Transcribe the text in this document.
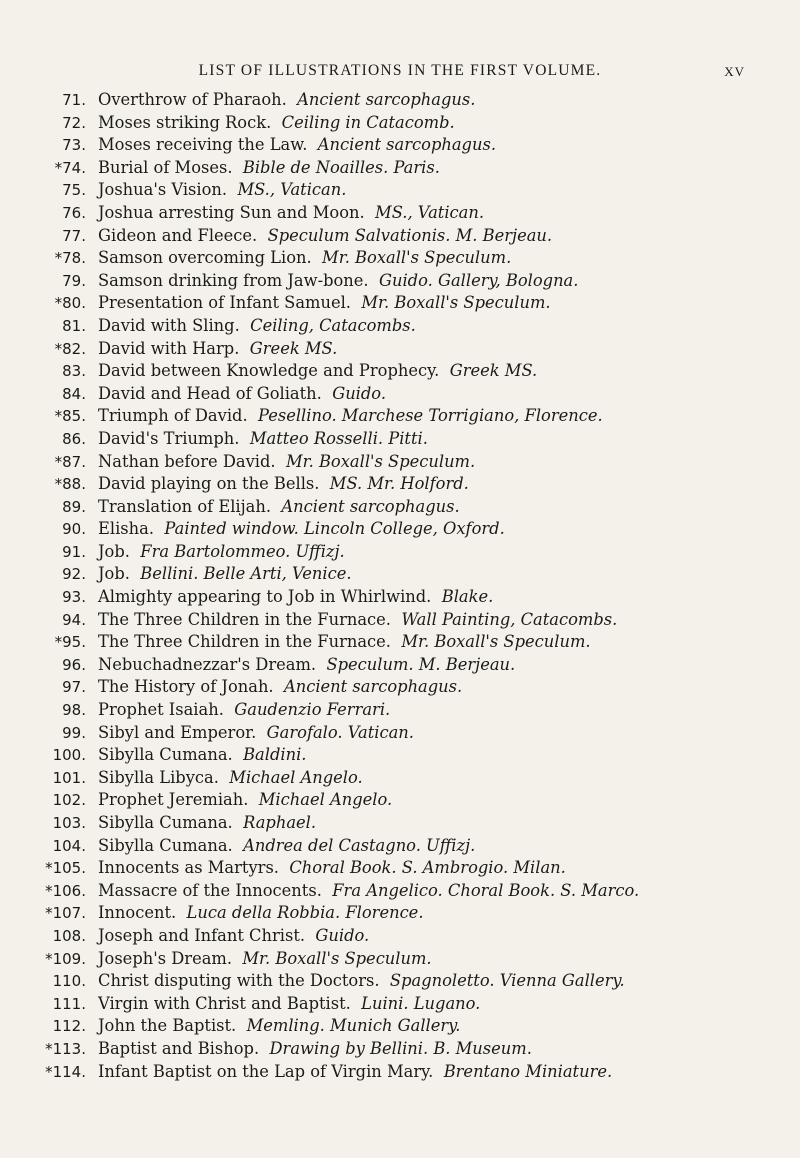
LIST OF ILLUSTRATIONS IN THE FIRST VOLUME.	XV
71. Overthrow of Pharaoh. Ancient sarcophagus.
72. Moses striking Rock. Ceiling in Catacomb.
73. Moses receiving the Law. Ancient sarcophagus.
*74. Burial of Moses. Bible de Noailles. Paris.
75. Joshua's Vision. MS., Vatican.
76. Joshua arresting Sun and Moon. MS., Vatican.
77. Gideon and Fleece. Speculum Salvationis. M. Berjeau.
*78. Samson overcoming Lion. Mr. Boxall's Speculum.
79. Samson drinking from Jaw-bone. Guido. Gallery, Bologna.
*80. Presentation of Infant Samuel. Mr. Boxall's Speculum.
81. David with Sling. Ceiling, Catacombs.
*82. David with Harp. Greek MS.
83. David between Knowledge and Prophecy. Greek MS.
84. David and Head of Goliath. Guido.
*85. Triumph of David. Pesellino. Marchese Torrigiano, Florence.
86. David's Triumph. Matteo Rosselli. Pitti.
*87. Nathan before David. Mr. Boxall's Speculum.
*88. David playing on the Bells. MS. Mr. Holford.
89. Translation of Elijah. Ancient sarcophagus.
90. Elisha. Painted window. Lincoln College, Oxford.
91. Job. Fra Bartolommeo. Uffizj.
92. Job. Bellini. Belle Arti, Venice.
93. Almighty appearing to Job in Whirlwind. Blake.
94. The Three Children in the Furnace. Wall Painting, Catacombs.
*95. The Three Children in the Furnace. Mr. Boxall's Speculum.
96. Nebuchadnezzar's Dream. Speculum. M. Berjeau.
97. The History of Jonah. Ancient sarcophagus.
98. Prophet Isaiah. Gaudenzio Ferrari.
99. Sibyl and Emperor. Garofalo. Vatican.
100. Sibylla Cumana. Baldini.
101. Sibylla Libyca. Michael Angelo.
102. Prophet Jeremiah. Michael Angelo.
103. Sibylla Cumana. Raphael.
104. Sibylla Cumana. Andrea del Castagno. Uffizj.
*105. Innocents as Martyrs. Choral Book. S. Ambrogio. Milan.
*106. Massacre of the Innocents. Fra Angelico. Choral Book. S. Marco.
*107. Innocent. Luca della Robbia. Florence.
108. Joseph and Infant Christ. Guido.
*109. Joseph's Dream. Mr. Boxall's Speculum.
110. Christ disputing with the Doctors. Spagnoletto. Vienna Gallery.
111. Virgin with Christ and Baptist. Luini. Lugano.
112. John the Baptist. Memling. Munich Gallery.
*113. Baptist and Bishop. Drawing by Bellini. B. Museum.
*114. Infant Baptist on the Lap of Virgin Mary. Brentano Miniature.
